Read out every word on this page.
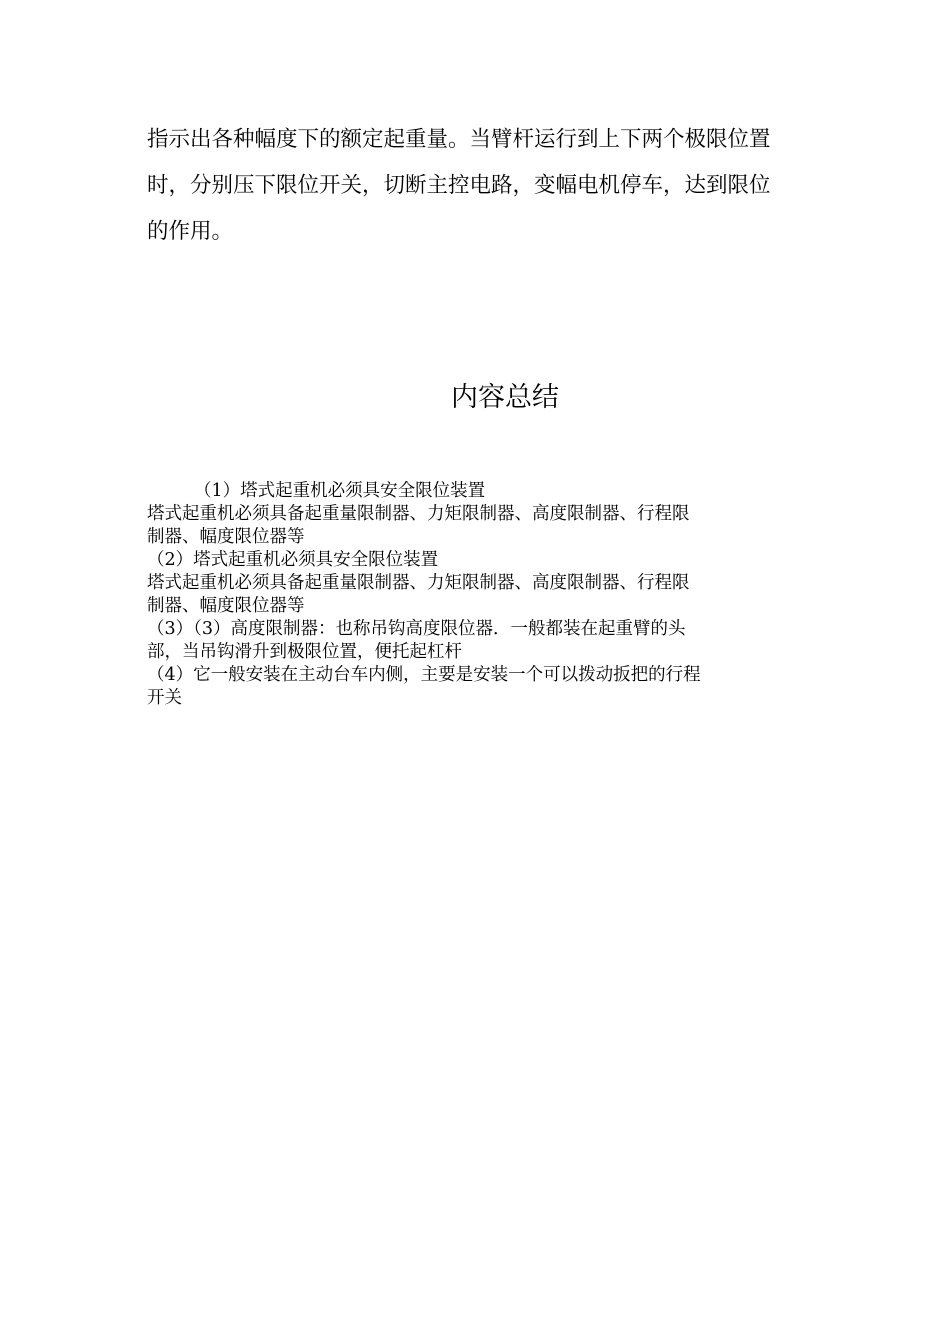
指示出各种幅度下的额定起重量。当臂杆运行到上下两个极限位置

时，分别压下限位开关，切断主控电路，变幅电机停车，达到限位

的作用。

内容总结

（1）塔式起重机必须具安全限位装置

塔式起重机必须具备起重量限制器、力矩限制器、高度限制器、行程限

制器、幅度限位器等

（2）塔式起重机必须具安全限位装置

塔式起重机必须具备起重量限制器、力矩限制器、高度限制器、行程限

制器、幅度限位器等

（3）（3）高度限制器：也称吊钩高度限位器．一般都装在起重臂的头

部，当吊钩滑升到极限位置，便托起杠杆

（4）它一般安装在主动台车内侧，主要是安装一个可以拨动扳把的行程

开关
